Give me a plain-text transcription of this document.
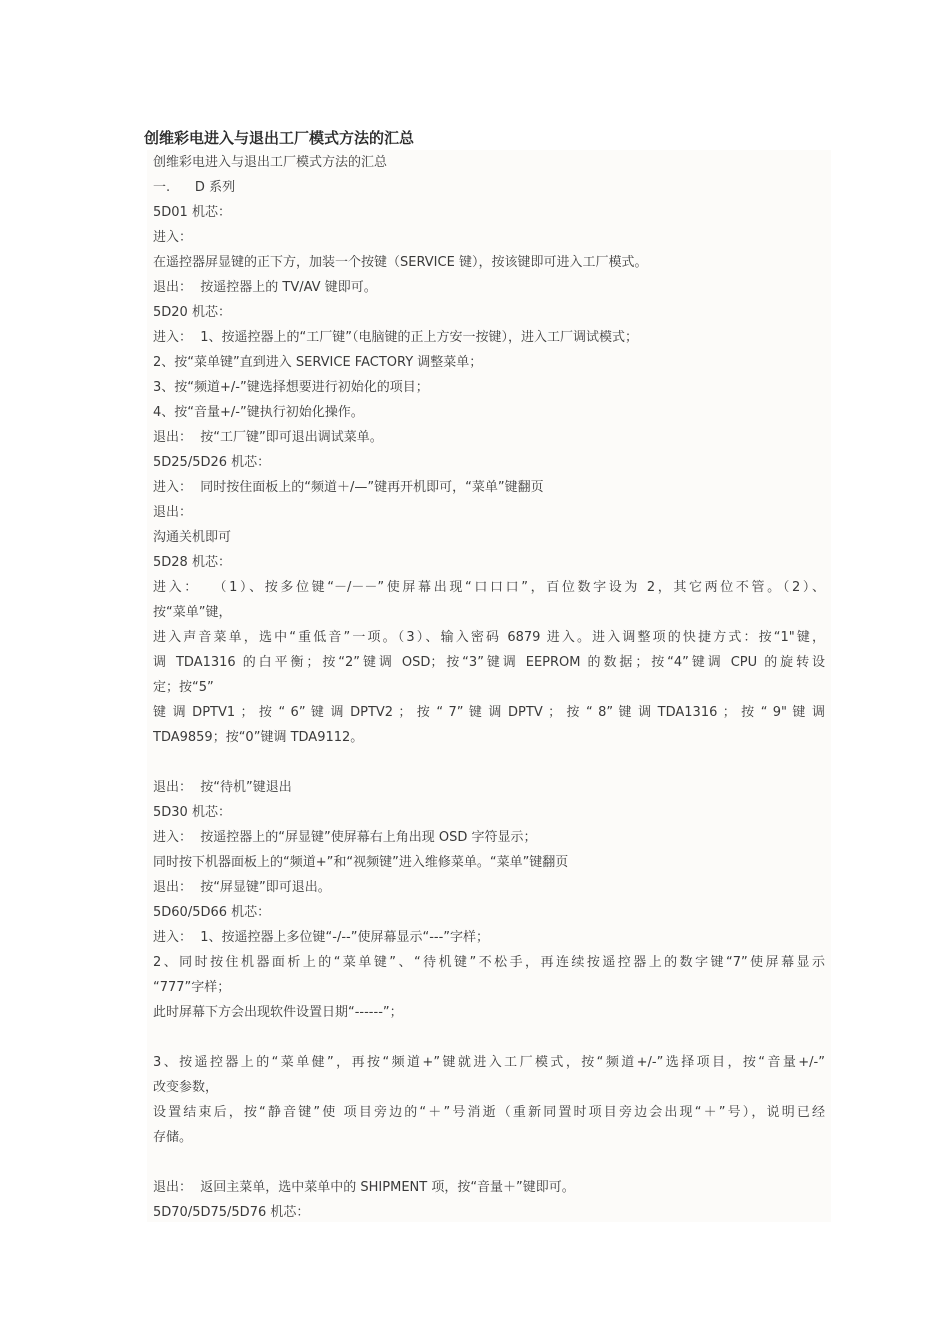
创维彩电进入与退出工厂模式方法的汇总
创维彩电进入与退出工厂模式方法的汇总
一.      D 系列
5D01 机芯：
进入：
在遥控器屏显键的正下方，加装一个按键（SERVICE 键），按该键即可进入工厂模式。
退出：  按遥控器上的 TV/AV 键即可。
5D20 机芯：
进入：  1、按遥控器上的“工厂键”（电脑键的正上方安一按键），进入工厂调试模式；
2、按“菜单键”直到进入 SERVICE FACTORY 调整菜单；
3、按“频道+/-”键选择想要进行初始化的项目；
4、按“音量+/-”键执行初始化操作。
退出：  按“工厂键”即可退出调试菜单。
5D25/5D26 机芯：
进入：  同时按住面板上的“频道＋/—”键再开机即可，“菜单”键翻页
退出：
沟通关机即可
5D28 机芯：
进入：  （1）、按多位键“－/－－”使屏幕出现“口口口”，百位数字设为 2，其它两位不管。（2）、
按“菜单”键，
进入声音菜单，选中“重低音”一项。（3）、输入密码 6879 进入。进入调整项的快捷方式：按“1"键，
调 TDA1316 的白平衡；按“2”键调 OSD；按“3”键调 EEPROM 的数据；按“4”键调 CPU 的旋转设
定；按“5”
键 调 DPTV1 ； 按 “ 6” 键 调 DPTV2 ； 按 “ 7” 键 调 DPTV ； 按 “ 8” 键 调 TDA1316 ； 按 “ 9" 键 调
TDA9859；按“0”键调 TDA9112。
退出：  按“待机”键退出
5D30 机芯：
进入：  按遥控器上的“屏显键”使屏幕右上角出现 OSD 字符显示；
同时按下机器面板上的“频道+”和“视频键”进入维修菜单。“菜单”键翻页
退出：  按“屏显键”即可退出。
5D60/5D66 机芯：
进入：  1、按遥控器上多位键“-/--”使屏幕显示“---”字样；
2、同时按住机器面析上的“菜单键”、“待机键”不松手，再连续按遥控器上的数字键“7”使屏幕显示
“777”字样；
此时屏幕下方会出现软件设置日期“------”；
3、按遥控器上的“菜单健”，再按“频道+”键就进入工厂模式，按“频道+/-”选择项目，按“音量+/-”
改变参数，
设置结束后，按“静音键”使 项目旁边的“＋”号消逝（重新同置时项目旁边会出现“＋”号），说明已经
存储。
退出：  返回主菜单，选中菜单中的 SHIPMENT 项，按“音量＋”键即可。
5D70/5D75/5D76 机芯：
